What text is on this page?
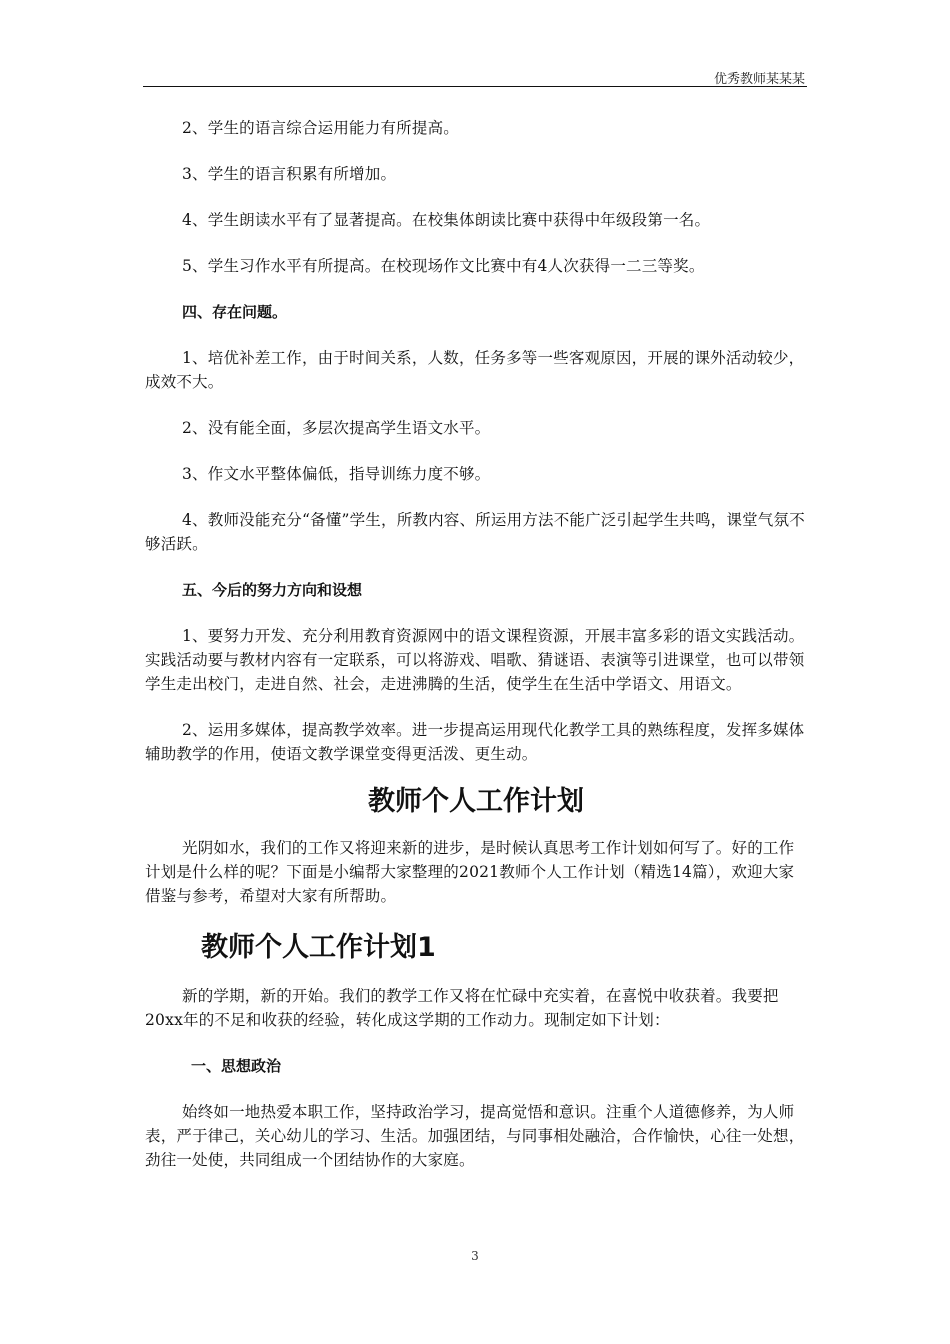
优秀教师某某某

2、学生的语言综合运用能力有所提高。

3、学生的语言积累有所增加。

4、学生朗读水平有了显著提高。在校集体朗读比赛中获得中年级段第一名。

5、学生习作水平有所提高。在校现场作文比赛中有4人次获得一二三等奖。

四、存在问题。

1、培优补差工作，由于时间关系，人数，任务多等一些客观原因，开展的课外活动较少，成效不大。

2、没有能全面，多层次提高学生语文水平。

3、作文水平整体偏低，指导训练力度不够。

4、教师没能充分“备懂”学生，所教内容、所运用方法不能广泛引起学生共鸣，课堂气氛不够活跃。

五、今后的努力方向和设想

1、要努力开发、充分利用教育资源网中的语文课程资源，开展丰富多彩的语文实践活动。实践活动要与教材内容有一定联系，可以将游戏、唱歌、猜谜语、表演等引进课堂，也可以带领学生走出校门，走进自然、社会，走进沸腾的生活，使学生在生活中学语文、用语文。

2、运用多媒体，提高教学效率。进一步提高运用现代化教学工具的熟练程度，发挥多媒体辅助教学的作用，使语文教学课堂变得更活泼、更生动。

教师个人工作计划

光阴如水，我们的工作又将迎来新的进步，是时候认真思考工作计划如何写了。好的工作计划是什么样的呢？下面是小编帮大家整理的2021教师个人工作计划（精选14篇），欢迎大家借鉴与参考，希望对大家有所帮助。

教师个人工作计划1

新的学期，新的开始。我们的教学工作又将在忙碌中充实着，在喜悦中收获着。我要把20xx年的不足和收获的经验，转化成这学期的工作动力。现制定如下计划：

一、思想政治

始终如一地热爱本职工作，坚持政治学习，提高觉悟和意识。注重个人道德修养，为人师表，严于律己，关心幼儿的学习、生活。加强团结，与同事相处融洽，合作愉快，心往一处想，劲往一处使，共同组成一个团结协作的大家庭。

3
